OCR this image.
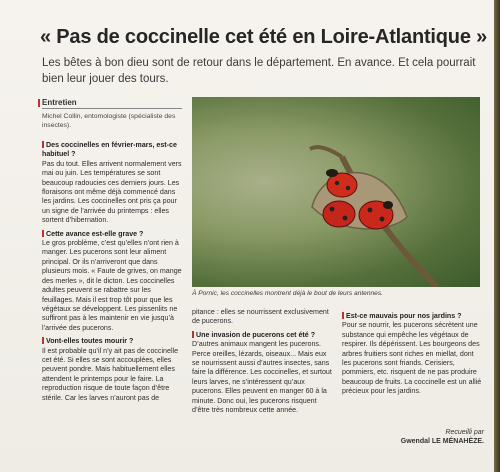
« Pas de coccinelle cet été en Loire-Atlantique »
Les bêtes à bon dieu sont de retour dans le département. En avance. Et cela pourrait bien leur jouer des tours.
Entretien
Michel Collin, entomologiste (spécialiste des insectes).
Des coccinelles en février-mars, est-ce habituel ?
Pas du tout. Elles arrivent normalement vers mai ou juin. Les températures se sont beaucoup radoucies ces derniers jours. Les floraisons ont même déjà commencé dans les jardins. Les coccinelles ont pris ça pour un signe de l’arrivée du printemps : elles sortent d’hibernation.
Cette avance est-elle grave ?
Le gros problème, c’est qu’elles n’ont rien à manger. Les pucerons sont leur aliment principal. Or ils n’arriveront que dans plusieurs mois. « Faute de grives, on mange des merles », dit le dicton. Les coccinelles adultes peuvent se rabattre sur les feuillages. Mais il est trop tôt pour que les végétaux se développent. Les pissenlits ne suffiront pas à les maintenir en vie jusqu’à l’arrivée des pucerons.
Vont-elles toutes mourir ?
Il est probable qu’il n’y ait pas de coccinelle cet été. Si elles se sont accouplées, elles peuvent pondre. Mais habituellement elles attendent le printemps pour le faire. La reproduction risque de toute façon d’être stérile. Car les larves n’auront pas de
À Pornic, les coccinelles montrent déjà le bout de leurs antennes.
pitance : elles se nourrissent exclusivement de pucerons.
Une invasion de pucerons cet été ?
D’autres animaux mangent les pucerons. Perce oreilles, lézards, oiseaux... Mais eux se nourrissent aussi d’autres insectes, sans faire la différence. Les coccinelles, et surtout leurs larves, ne s’intéressent qu’aux pucerons. Elles peuvent en manger 60 à la minute. Donc oui, les pucerons risquent d’être très nombreux cette année.
Est-ce mauvais pour nos jardins ?
Pour se nourrir, les pucerons sécrètent une substance qui empêche les végétaux de respirer. Ils dépérissent. Les bourgeons des arbres fruitiers sont riches en miellat, dont les pucerons sont friands. Cerisiers, pommiers, etc. risquent de ne pas produire beaucoup de fruits. La coccinelle est un allié précieux pour les jardins.
Recueilli par
Gwendal LE MÉNAHÈZE.
